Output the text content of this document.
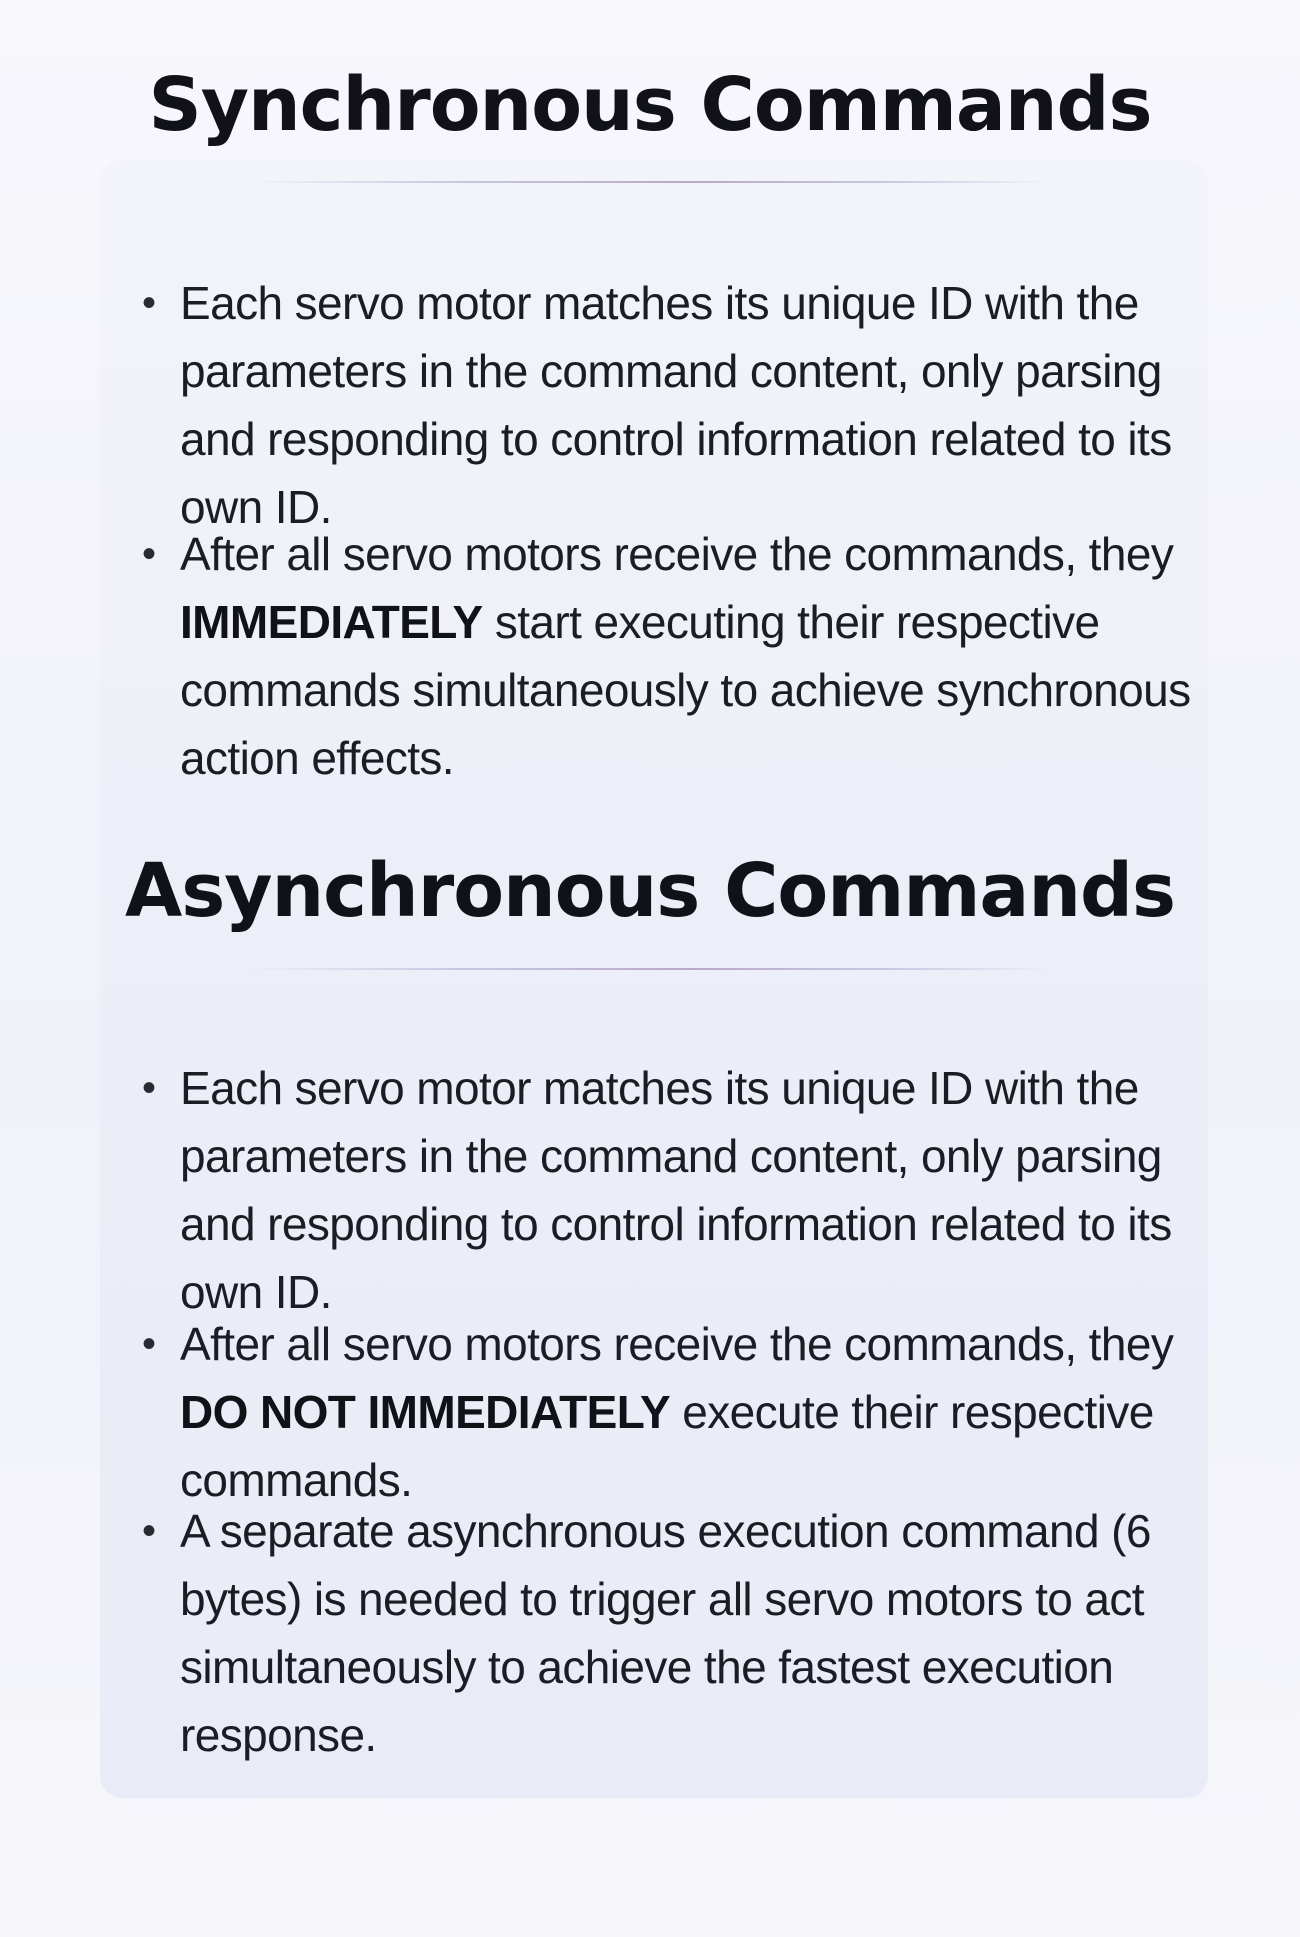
Synchronous Commands
• Each servo motor matches its unique ID with the parameters in the command content, only parsing and responding to control information related to its own ID.
• After all servo motors receive the commands, they IMMEDIATELY start executing their respective commands simultaneously to achieve synchronous action effects.
Asynchronous Commands
• Each servo motor matches its unique ID with the parameters in the command content, only parsing and responding to control information related to its own ID.
• After all servo motors receive the commands, they DO NOT IMMEDIATELY execute their respective commands.
• A separate asynchronous execution command (6 bytes) is needed to trigger all servo motors to act simultaneously to achieve the fastest execution response.
